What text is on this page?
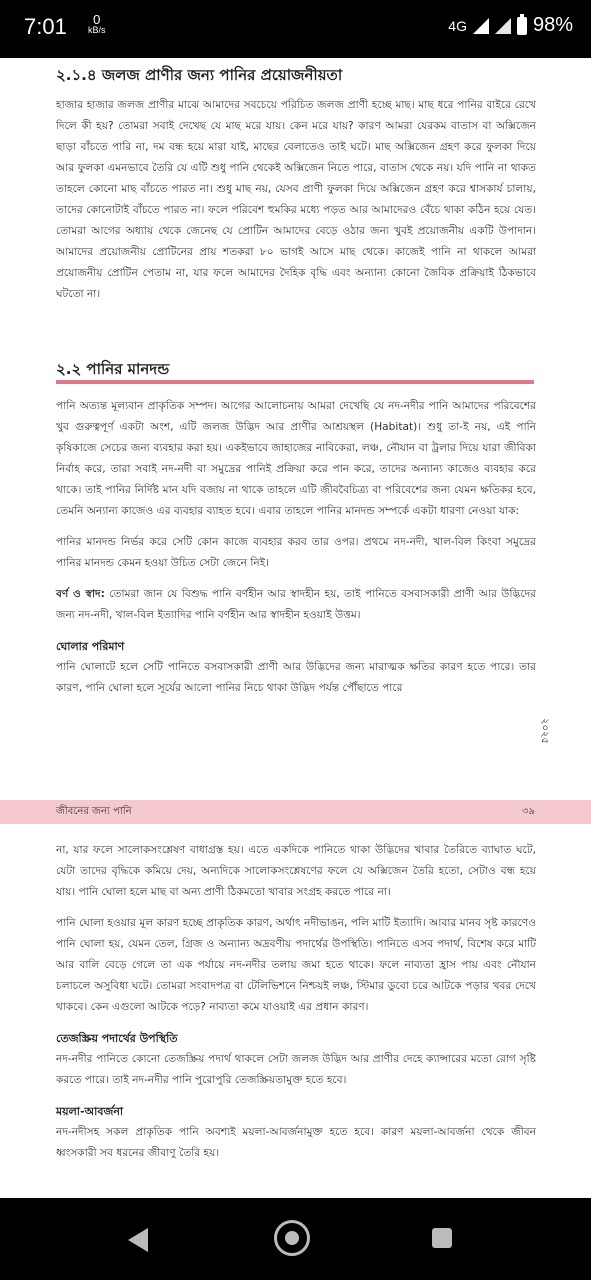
7:01	0
kB/s	4G	98%
২.১.৪ জলজ প্রাণীর জন্য পানির প্রয়োজনীয়তা

হাজার হাজার জলজ প্রাণীর মাঝে আমাদের সবচেয়ে পরিচিত জলজ প্রাণী হচ্ছে মাছ। মাছ ধরে পানির বাইরে রেখে দিলে কী হয়? তোমরা সবাই দেখেছ যে মাছ মরে যায়। কেন মরে যায়? কারণ আমরা যেরকম বাতাস বা অক্সিজেন ছাড়া বাঁচতে পারি না, দম বন্ধ হয়ে মারা যাই, মাছের বেলাতেও তাই ঘটে। মাছ অক্সিজেন গ্রহণ করে ফুলকা দিয়ে আর ফুলকা এমনভাবে তৈরি যে এটি শুধু পানি থেকেই অক্সিজেন নিতে পারে, বাতাস থেকে নয়। যদি পানি না থাকত তাহলে কোনো মাছ বাঁচতে পারত না। শুধু মাছ নয়, যেসব প্রাণী ফুলকা দিয়ে অক্সিজেন গ্রহণ করে শ্বাসকার্য চালায়, তাদের কোনোটাই বাঁচতে পারত না। ফলে পরিবেশ হুমকির মধ্যে পড়ত আর আমাদেরও বেঁচে থাকা কঠিন হয়ে যেত। তোমরা আগের অধ্যায় থেকে জেনেছ যে প্রোটিন আমাদের বেড়ে ওঠার জন্য খুবই প্রয়োজনীয় একটি উপাদান। আমাদের প্রয়োজনীয় প্রোটিনের প্রায় শতকরা ৮০ ভাগই আসে মাছ থেকে। কাজেই পানি না থাকলে আমরা প্রয়োজনীয় প্রোটিন পেতাম না, যার ফলে আমাদের দৈহিক বৃদ্ধি এবং অন্যান্য কোনো জৈবিক প্রক্রিয়াই ঠিকভাবে ঘটতো না।

২.২ পানির মানদন্ড

পানি অত্যন্ত মূল্যবান প্রাকৃতিক সম্পদ। আগের আলোচনায় আমরা দেখেছি যে নদ-নদীর পানি আমাদের পরিবেশের খুব গুরুত্বপূর্ণ একটা অংশ, এটি জলজ উদ্ভিদ আর প্রাণীর আশ্রয়স্থল (Habitat)। শুধু তা-ই নয়, এই পানি কৃষিকাজে সেচের জন্য ব্যবহার করা হয়। একইভাবে জাহাজের নাবিকেরা, লঞ্চ, নৌযান বা ট্রলার দিয়ে যারা জীবিকা নির্বাহ করে, তারা সবাই নদ-নদী বা সমুদ্রের পানিই প্রক্রিয়া করে পান করে, তাদের অন্যান্য কাজেও ব্যবহার করে থাকে। তাই পানির নির্দিষ্ট মান যদি বজায় না থাকে তাহলে এটি জীববৈচিত্র্য বা পরিবেশের জন্য যেমন ক্ষতিকর হবে, তেমনি অন্যান্য কাজেও এর ব্যবহার ব্যাহত হবে। এবার তাহলে পানির মানদন্ড সম্পর্কে একটা ধারণা নেওয়া যাক:

পানির মানদন্ড নির্ভর করে সেটি কোন কাজে ব্যবহার করব তার ওপর। প্রথমে নদ-নদী, খাল-বিল কিংবা সমুদ্রের পানির মানদন্ড কেমন হওয়া উচিত সেটা জেনে নিই।

বর্ণ ও স্বাদ: তোমরা জান যে বিশুদ্ধ পানি বর্ণহীন আর স্বাদহীন হয়, তাই পানিতে বসবাসকারী প্রাণী আর উদ্ভিদের জন্য নদ-নদী, খাল-বিল ইত্যাদির পানি বর্ণহীন আর স্বাদহীন হওয়াই উত্তম।

ঘোলার পরিমাণ

পানি ঘোলাটে হলে সেটি পানিতে বসবাসকারী প্রাণী আর উদ্ভিদের জন্য মারাত্মক ক্ষতির কারণ হতে পারে। তার কারণ, পানি ঘোলা হলে সূর্যের আলো পানির নিচে থাকা উদ্ভিদ পর্যন্ত পৌঁছাতে পারে

২০২৫
জীবনের জন্য পানি	৩৯

না, যার ফলে সালোকসংশ্লেষণ বাধাগ্রস্ত হয়। এতে একদিকে পানিতে থাকা উদ্ভিদের খাবার তৈরিতে ব্যাঘাত ঘটে, যেটা তাদের বৃদ্ধিকে কমিয়ে দেয়, অন্যদিকে সালোকসংশ্লেষণের ফলে যে অক্সিজেন তৈরি হতো, সেটাও বন্ধ হয়ে যায়। পানি ঘোলা হলে মাছ বা অন্য প্রাণী ঠিকমতো খাবার সংগ্রহ করতে পারে না।

পানি ঘোলা হওয়ার মূল কারণ হচ্ছে প্রাকৃতিক কারণ, অর্থাৎ নদীভাঙন, পলি মাটি ইত্যাদি। আবার মানব সৃষ্ট কারণেও পানি ঘোলা হয়, যেমন তেল, গ্রিজ ও অন্যান্য অদ্রবণীয় পদার্থের উপস্থিতি। পানিতে এসব পদার্থ, বিশেষ করে মাটি আর বালি বেড়ে গেলে তা এক পর্যায়ে নদ-নদীর তলায় জমা হতে থাকে। ফলে নাব্যতা হ্রাস পায় এবং নৌযান চলাচলে অসুবিধা ঘটে। তোমরা সংবাদপত্র বা টেলিভিশনে নিশ্চয়ই লঞ্চ, স্টিমার ডুবো চরে আটকে পড়ার খবর দেখে থাকবে। কেন এগুলো আটকে পড়ে? নাব্যতা কমে যাওয়াই এর প্রধান কারণ।

তেজস্ক্রিয় পদার্থের উপস্থিতি

নদ-নদীর পানিতে কোনো তেজস্ক্রিয় পদার্থ থাকলে সেটা জলজ উদ্ভিদ আর প্রাণীর দেহে ক্যান্সারের মতো রোগ সৃষ্টি করতে পারে। তাই নদ-নদীর পানি পুরোপুরি তেজস্ক্রিয়তামুক্ত হতে হবে।

ময়লা-আবর্জনা

নদ-নদীসহ সকল প্রাকৃতিক পানি অবশ্যই ময়লা-আবর্জনামুক্ত হতে হবে। কারণ ময়লা-আবর্জনা থেকে জীবন ধ্বংসকারী সব ধরনের জীবাণু তৈরি হয়।
